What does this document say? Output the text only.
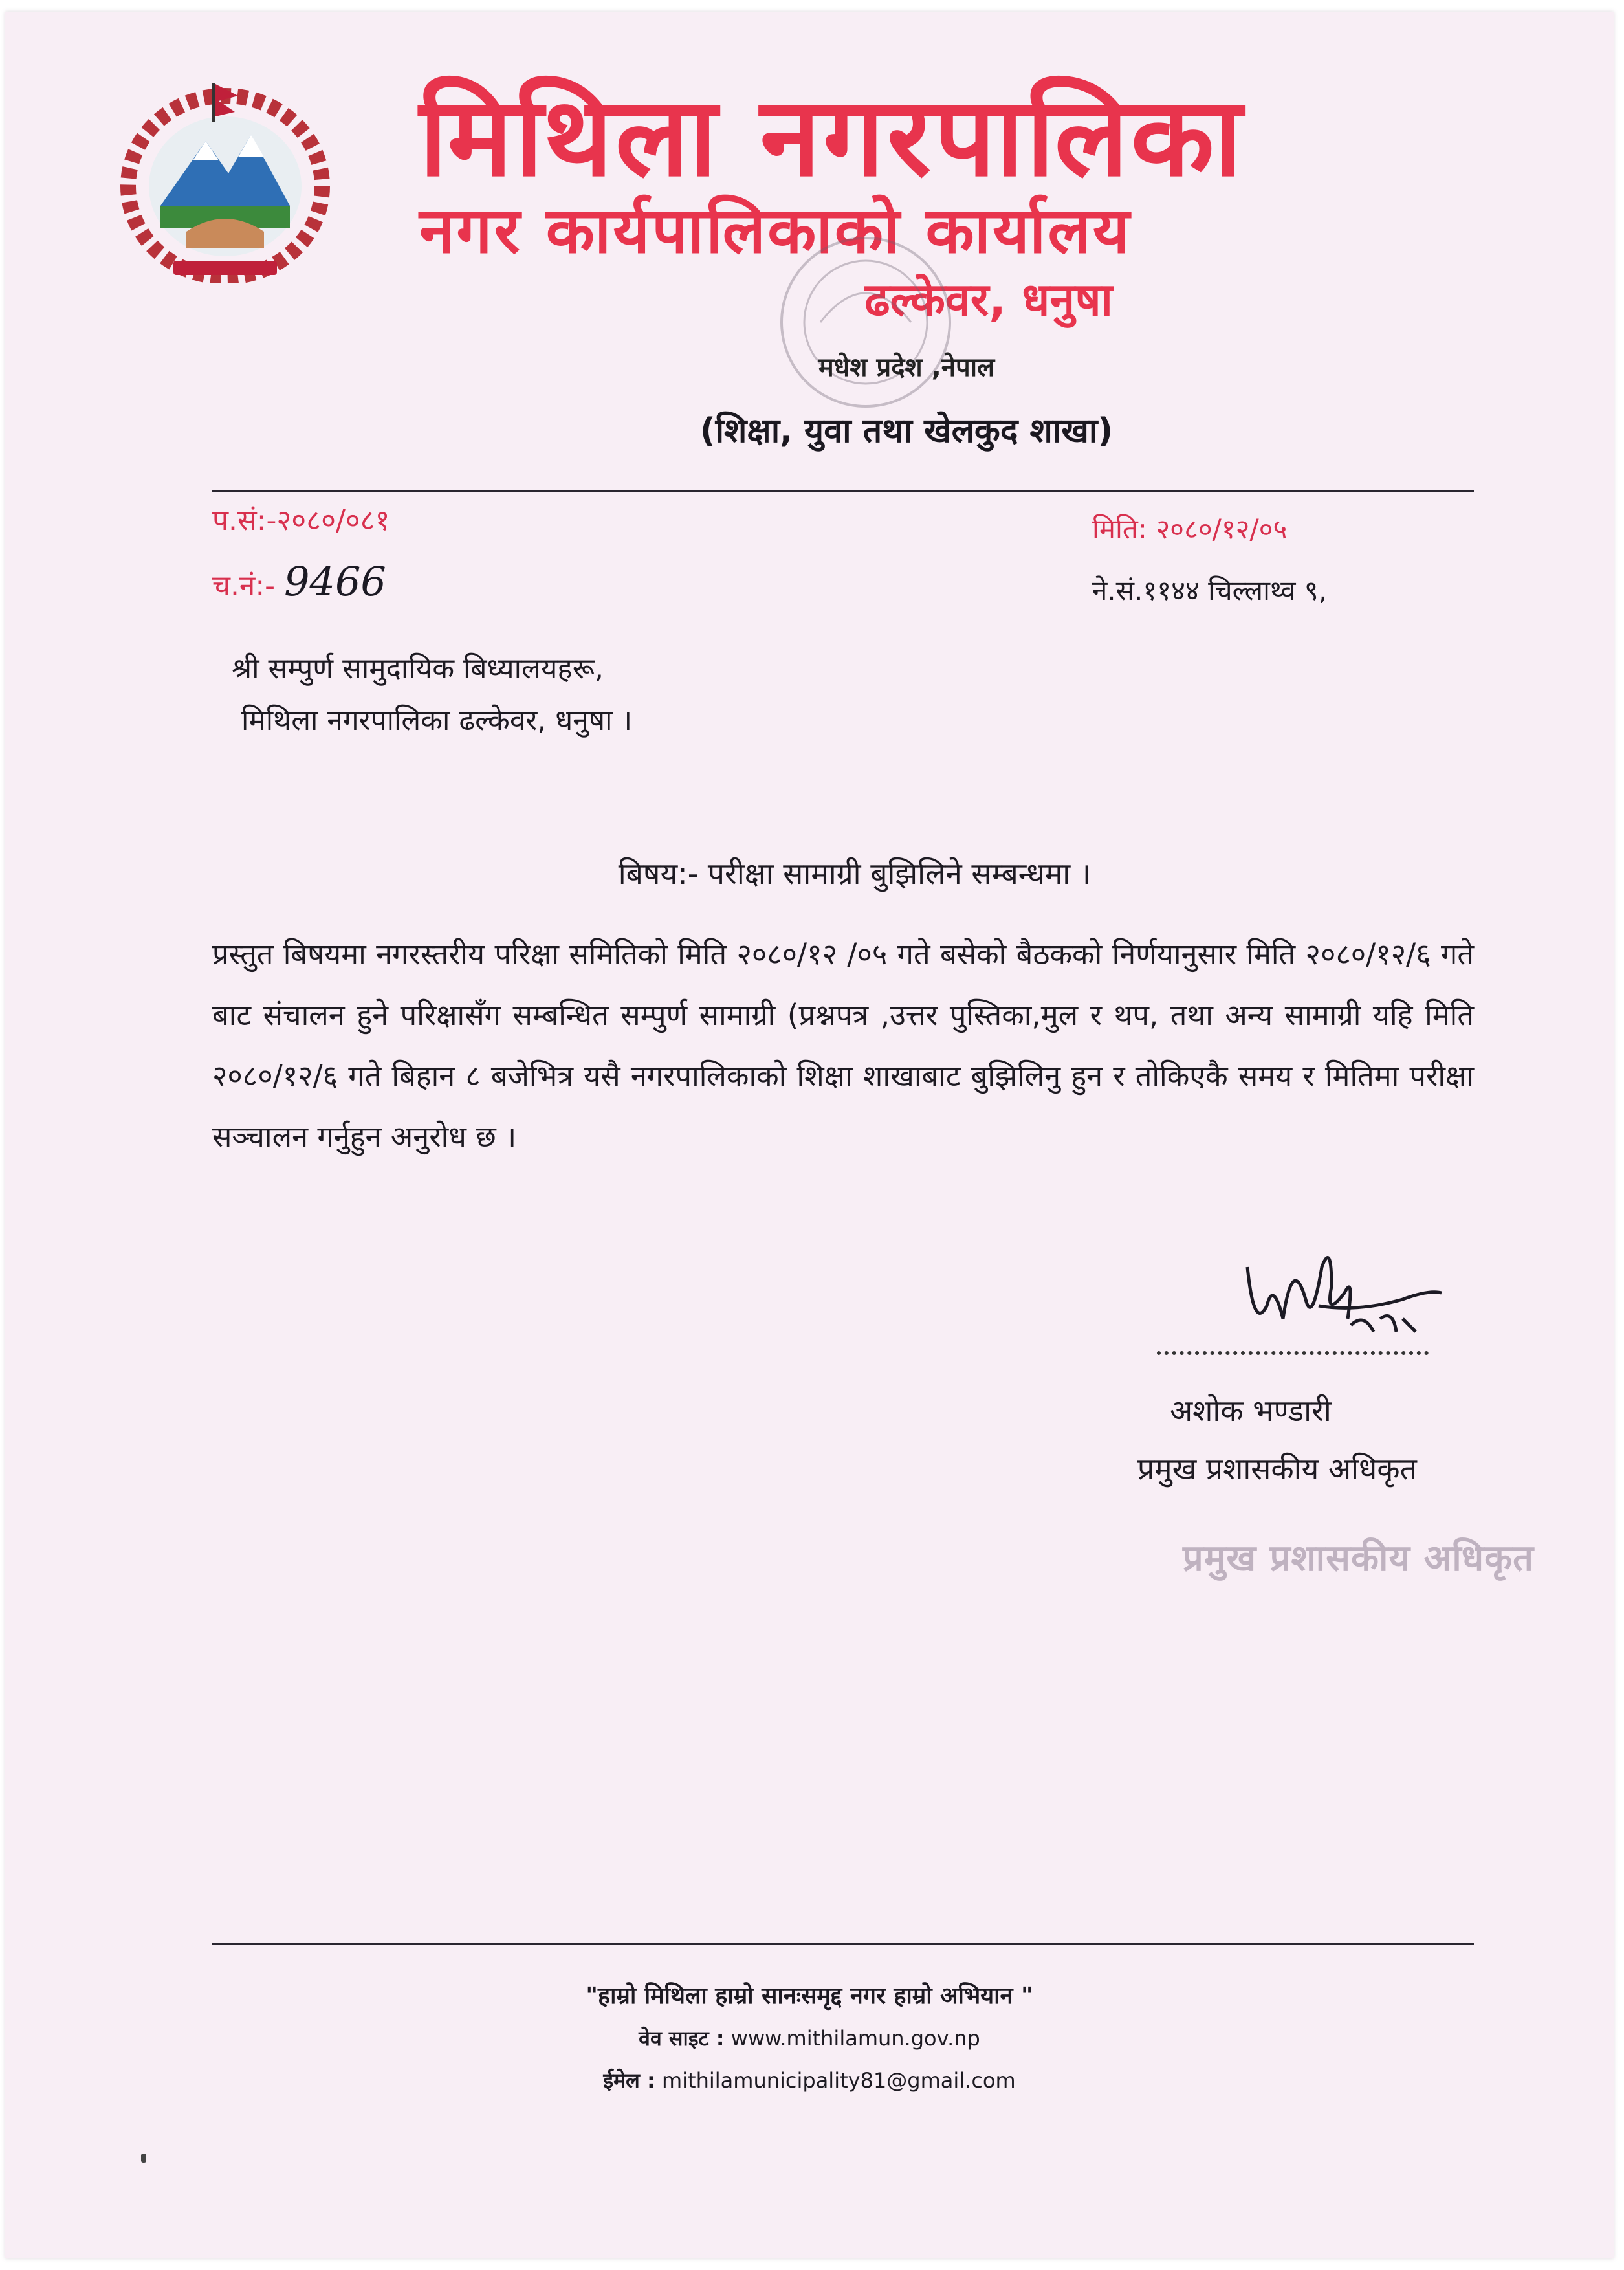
मिथिला नगरपालिका
नगर कार्यपालिकाको कार्यालय
ढल्केवर, धनुषा
मधेश प्रदेश ,नेपाल
(शिक्षा, युवा तथा खेलकुद शाखा)
प.सं:-२०८०/०८१
च.नं:- 9466
मिति: २०८०/१२/०५
ने.सं.११४४ चिल्लाथ्व ९,
श्री सम्पुर्ण सामुदायिक बिध्यालयहरू,
मिथिला नगरपालिका ढल्केवर, धनुषा ।
बिषय:- परीक्षा सामाग्री बुझिलिने सम्बन्धमा ।
प्रस्तुत बिषयमा नगरस्तरीय परिक्षा समितिको मिति २०८०/१२ /०५ गते बसेको बैठकको निर्णयानुसार मिति २०८०/१२/६ गते बाट संचालन हुने परिक्षासँग सम्बन्धित सम्पुर्ण सामाग्री (प्रश्नपत्र ,उत्तर पुस्तिका,मुल र थप, तथा अन्य सामाग्री यहि मिति २०८०/१२/६ गते बिहान ८ बजेभित्र यसै नगरपालिकाको शिक्षा शाखाबाट बुझिलिनु हुन र तोकिएकै समय र मितिमा परीक्षा सञ्चालन गर्नुहुन अनुरोध छ ।
अशोक भण्डारी
प्रमुख प्रशासकीय अधिकृत
प्रमुख प्रशासकीय अधिकृत
"हाम्रो मिथिला हाम्रो सानःसमृद्द नगर हाम्रो अभियान "
वेव साइट : www.mithilamun.gov.np
ईमेल : mithilamunicipality81@gmail.com
